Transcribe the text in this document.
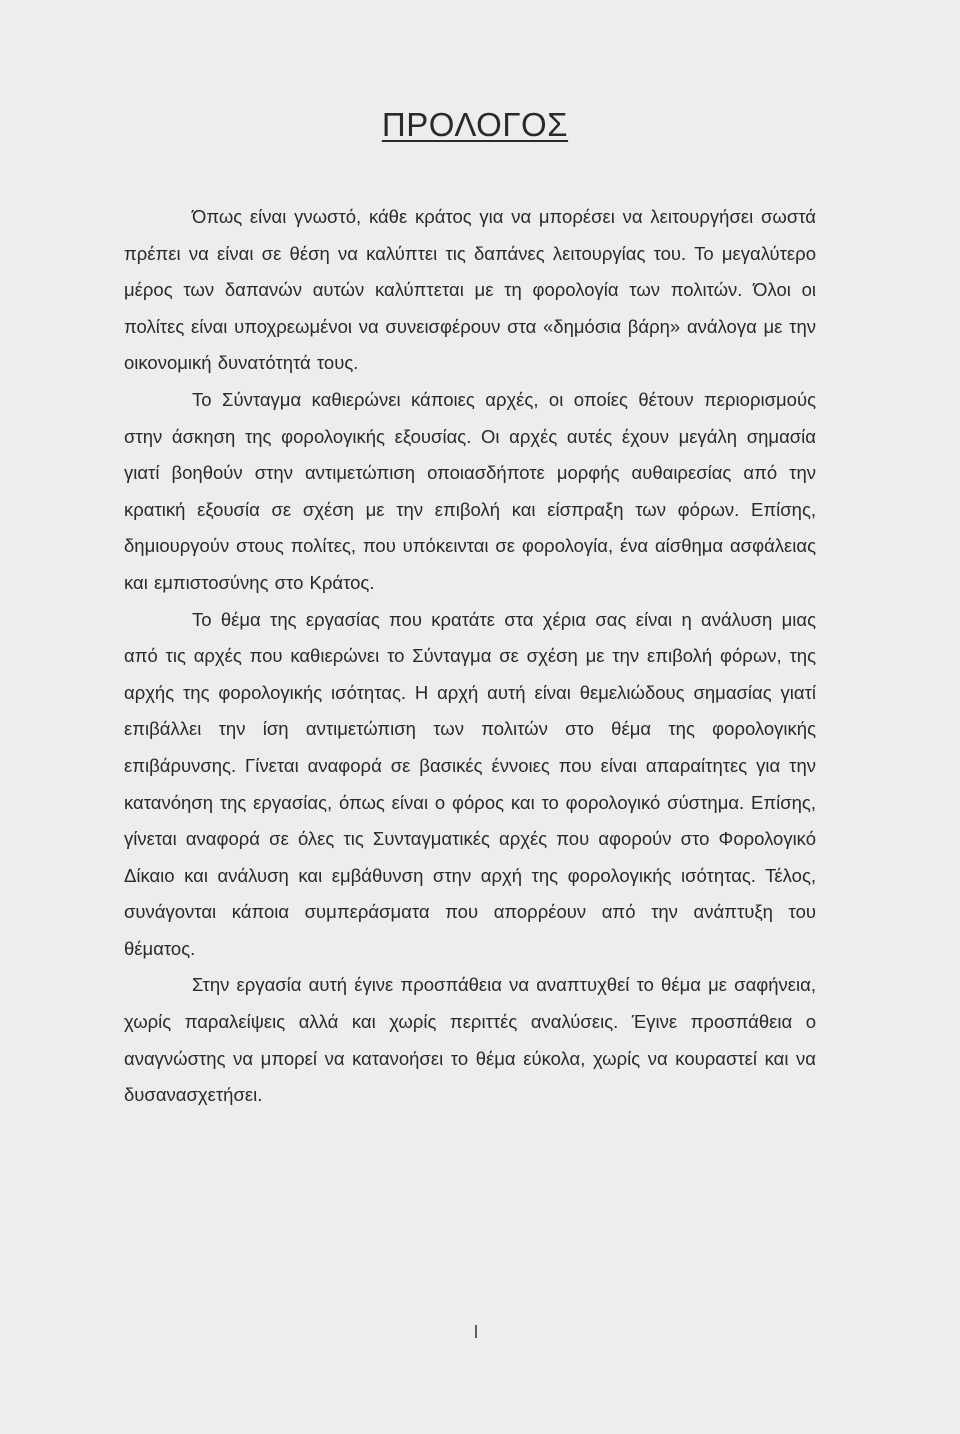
ΠΡΟΛΟΓΟΣ

Όπως είναι γνωστό, κάθε κράτος για να μπορέσει να λειτουργήσει σωστά πρέπει να είναι σε θέση να καλύπτει τις δαπάνες λειτουργίας του. Το μεγαλύτερο μέρος των δαπανών αυτών καλύπτεται με τη φορολογία των πολιτών. Όλοι οι πολίτες είναι υποχρεωμένοι να συνεισφέρουν στα «δημόσια βάρη» ανάλογα με την οικονομική δυνατότητά τους.

Το Σύνταγμα καθιερώνει κάποιες αρχές, οι οποίες θέτουν περιορισμούς στην άσκηση της φορολογικής εξουσίας. Οι αρχές αυτές έχουν μεγάλη σημασία γιατί βοηθούν στην αντιμετώπιση οποιασδήποτε μορφής αυθαιρεσίας από την κρατική εξουσία σε σχέση με την επιβολή και είσπραξη των φόρων. Επίσης, δημιουργούν στους πολίτες, που υπόκεινται σε φορολογία, ένα αίσθημα ασφάλειας και εμπιστοσύνης στο Κράτος.

Το θέμα της εργασίας που κρατάτε στα χέρια σας είναι η ανάλυση μιας από τις αρχές που καθιερώνει το Σύνταγμα σε σχέση με την επιβολή φόρων, της αρχής της φορολογικής ισότητας. Η αρχή αυτή είναι θεμελιώδους σημασίας γιατί επιβάλλει την ίση αντιμετώπιση των πολιτών στο θέμα της φορολογικής επιβάρυνσης. Γίνεται αναφορά σε βασικές έννοιες που είναι απαραίτητες για την κατανόηση της εργασίας, όπως είναι ο φόρος και το φορολογικό σύστημα. Επίσης, γίνεται αναφορά σε όλες τις Συνταγματικές αρχές που αφορούν στο Φορολογικό Δίκαιο και ανάλυση και εμβάθυνση στην αρχή της φορολογικής ισότητας. Τέλος, συνάγονται κάποια συμπεράσματα που απορρέουν από την ανάπτυξη του θέματος.

Στην εργασία αυτή έγινε προσπάθεια να αναπτυχθεί το θέμα με σαφήνεια, χωρίς παραλείψεις αλλά και χωρίς περιττές αναλύσεις. Έγινε προσπάθεια ο αναγνώστης να μπορεί να κατανοήσει το θέμα εύκολα, χωρίς να κουραστεί και να δυσανασχετήσει.

I
